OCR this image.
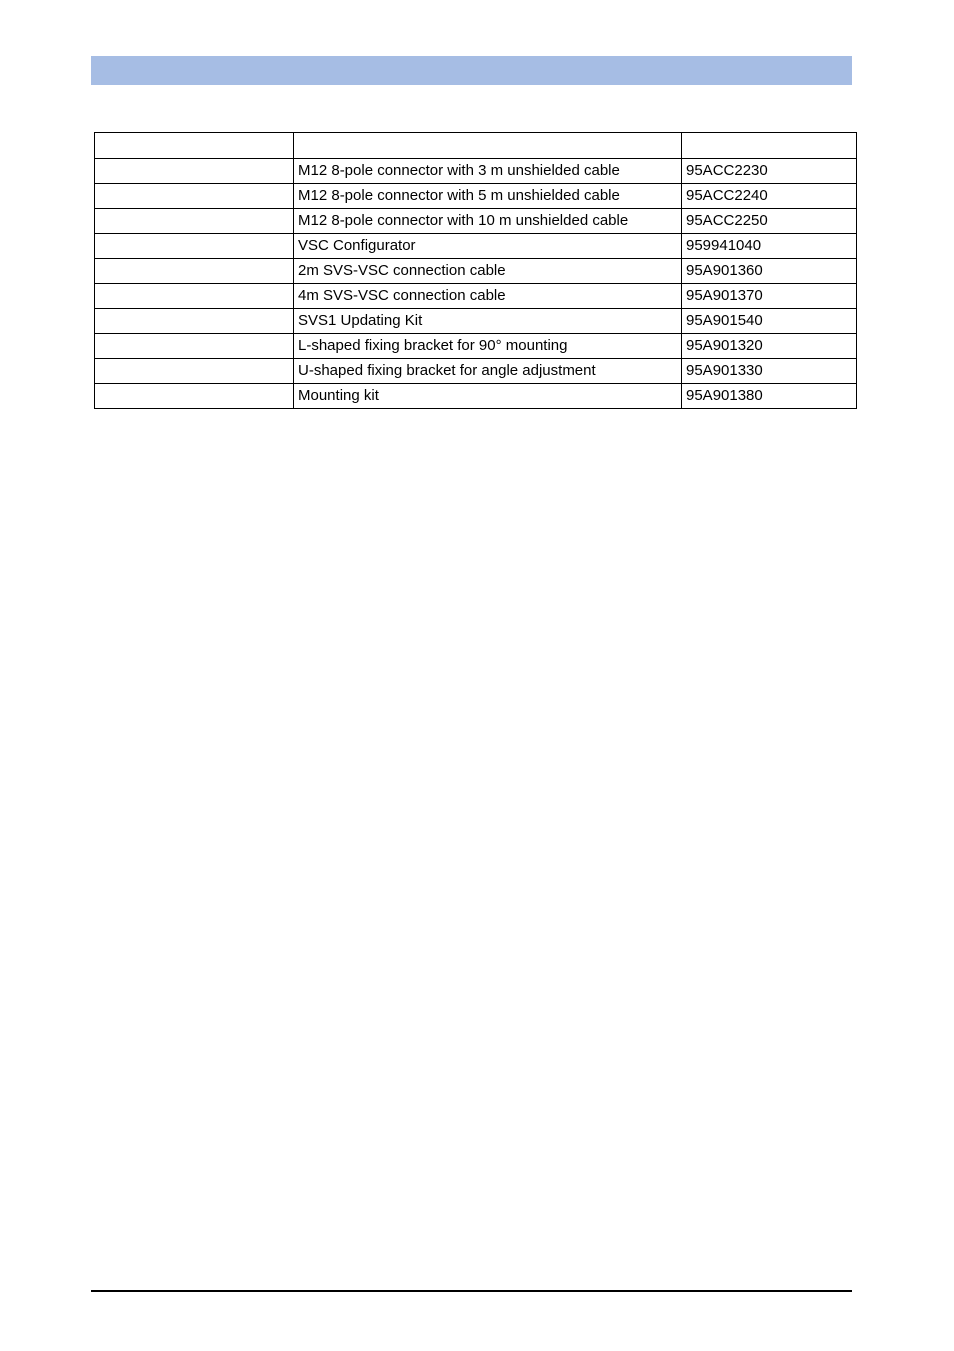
	M12 8-pole connector with 3 m unshielded cable	95ACC2230
	M12 8-pole connector with 5 m unshielded cable	95ACC2240
	M12 8-pole connector with 10 m unshielded cable	95ACC2250
	VSC Configurator	959941040
	2m SVS-VSC connection cable	95A901360
	4m SVS-VSC connection cable	95A901370
	SVS1 Updating Kit	95A901540
	L-shaped fixing bracket for 90° mounting	95A901320
	U-shaped fixing bracket for angle adjustment	95A901330
	Mounting kit	95A901380
